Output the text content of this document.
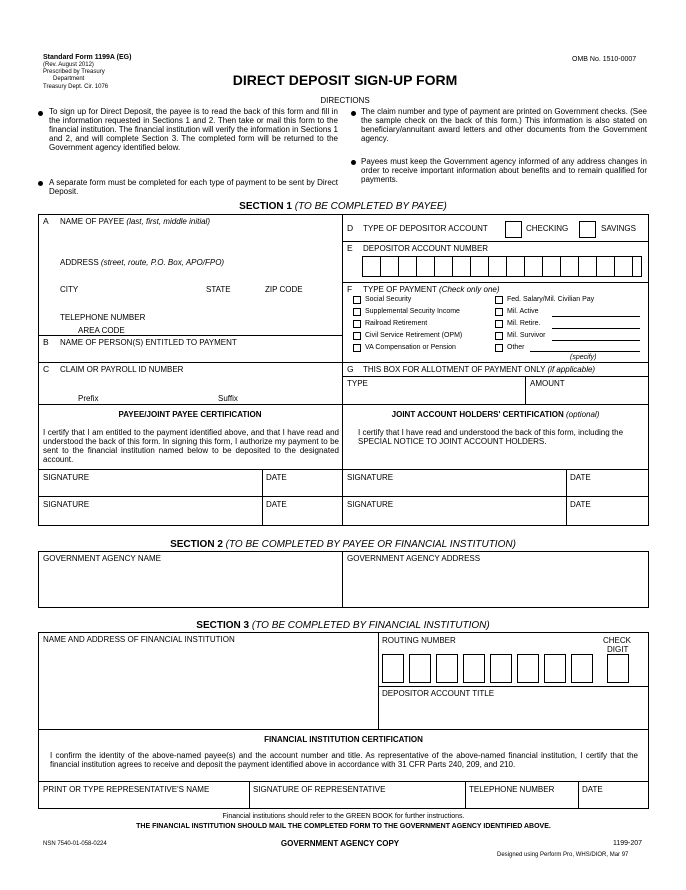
Standard Form 1199A (EG)
(Rev. August 2012)
Prescribed by Treasury
Department
Treasury Dept. Cir. 1076
OMB No. 1510-0007
DIRECT DEPOSIT SIGN-UP FORM
DIRECTIONS
To sign up for Direct Deposit, the payee is to read the back of this form and fill in the information requested in Sections 1 and 2. Then take or mail this form to the financial institution. The financial institution will verify the information in Sections 1 and 2, and will complete Section 3. The completed form will be returned to the Government agency identified below.
A separate form must be completed for each type of payment to be sent by Direct Deposit.
The claim number and type of payment are printed on Government checks. (See the sample check on the back of this form.) This information is also stated on beneficiary/annuitant award letters and other documents from the Government agency.
Payees must keep the Government agency informed of any address changes in order to receive important information about benefits and to remain qualified for payments.
SECTION 1 (TO BE COMPLETED BY PAYEE)
A NAME OF PAYEE (last, first, middle initial)
ADDRESS (street, route, P.O. Box, APO/FPO)
CITY	STATE	ZIP CODE
TELEPHONE NUMBER
AREA CODE
B NAME OF PERSON(S) ENTITLED TO PAYMENT
C CLAIM OR PAYROLL ID NUMBER
Prefix	Suffix
D TYPE OF DEPOSITOR ACCOUNT	CHECKING	SAVINGS
E DEPOSITOR ACCOUNT NUMBER
F TYPE OF PAYMENT (Check only one)
Social Security
Supplemental Security Income
Railroad Retirement
Civil Service Retirement (OPM)
VA Compensation or Pension
Fed. Salary/Mil. Civilian Pay
Mil. Active
Mil. Retire.
Mil. Survivor
Other
(specify)
G THIS BOX FOR ALLOTMENT OF PAYMENT ONLY (if applicable)
TYPE	AMOUNT
PAYEE/JOINT PAYEE CERTIFICATION
I certify that I am entitled to the payment identified above, and that I have read and understood the back of this form. In signing this form, I authorize my payment to be sent to the financial institution named below to be deposited to the designated account.
JOINT ACCOUNT HOLDERS' CERTIFICATION (optional)
I certify that I have read and understood the back of this form, including the SPECIAL NOTICE TO JOINT ACCOUNT HOLDERS.
SIGNATURE	DATE	SIGNATURE	DATE
SIGNATURE	DATE	SIGNATURE	DATE
SECTION 2 (TO BE COMPLETED BY PAYEE OR FINANCIAL INSTITUTION)
GOVERNMENT AGENCY NAME	GOVERNMENT AGENCY ADDRESS
SECTION 3 (TO BE COMPLETED BY FINANCIAL INSTITUTION)
NAME AND ADDRESS OF FINANCIAL INSTITUTION	ROUTING NUMBER	CHECK
DIGIT
DEPOSITOR ACCOUNT TITLE
FINANCIAL INSTITUTION CERTIFICATION
I confirm the identity of the above-named payee(s) and the account number and title. As representative of the above-named financial institution, I certify that the financial institution agrees to receive and deposit the payment identified above in accordance with 31 CFR Parts 240, 209, and 210.
PRINT OR TYPE REPRESENTATIVE'S NAME	SIGNATURE OF REPRESENTATIVE	TELEPHONE NUMBER	DATE
Financial institutions should refer to the GREEN BOOK for further instructions.
THE FINANCIAL INSTITUTION SHOULD MAIL THE COMPLETED FORM TO THE GOVERNMENT AGENCY IDENTIFIED ABOVE.
NSN 7540-01-058-0224	GOVERNMENT AGENCY COPY	1199-207
Designed using Perform Pro, WHS/DIOR, Mar 97
